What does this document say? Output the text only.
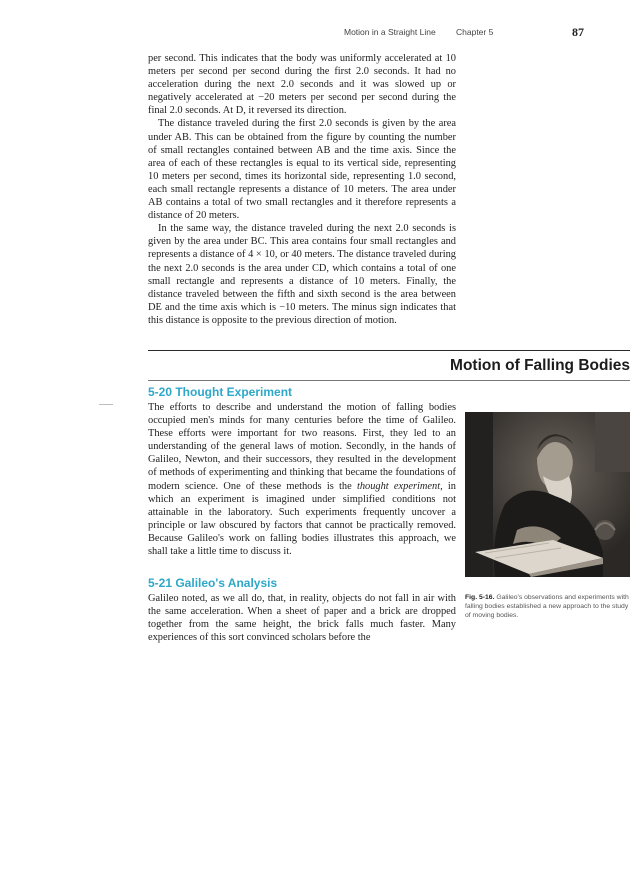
Motion in a Straight Line Chapter 5	87

per second. This indicates that the body was uniformly accelerated at 10 meters per second per second during the first 2.0 seconds. It had no acceleration during the next 2.0 seconds and it was slowed up or negatively accelerated at −20 meters per second per second during the final 2.0 seconds. At D, it reversed its direction.

The distance traveled during the first 2.0 seconds is given by the area under AB. This can be obtained from the figure by counting the number of small rectangles contained between AB and the time axis. Since the area of each of these rectangles is equal to its vertical side, representing 10 meters per second, times its horizontal side, representing 1.0 second, each small rectangle represents a distance of 10 meters. The area under AB contains a total of two small rectangles and it therefore represents a distance of 20 meters.

In the same way, the distance traveled during the next 2.0 seconds is given by the area under BC. This area contains four small rectangles and represents a distance of 4 × 10, or 40 meters. The distance traveled during the next 2.0 seconds is the area under CD, which contains a total of one small rectangle and represents a distance of 10 meters. Finally, the distance traveled between the fifth and sixth second is the area between DE and the time axis which is −10 meters. The minus sign indicates that this distance is opposite to the previous direction of motion.

Motion of Falling Bodies
5-20 Thought Experiment

The efforts to describe and understand the motion of falling bodies occupied men's minds for many centuries before the time of Galileo. These efforts were important for two reasons. First, they led to an understanding of the general laws of motion. Secondly, in the hands of Galileo, Newton, and their successors, they resulted in the development of methods of experimenting and thinking that became the foundations of modern science. One of these methods is the thought experiment, in which an experiment is imagined under simplified conditions not attainable in the laboratory. Such experiments frequently uncover a principle or law obscured by factors that cannot be practically removed. Because Galileo's work on falling bodies illustrates this approach, we shall take a little time to discuss it.

5-21 Galileo's Analysis

Galileo noted, as we all do, that, in reality, objects do not fall in air with the same acceleration. When a sheet of paper and a brick are dropped together from the same height, the brick falls much faster. Many experiences of this sort convinced scholars before the

Fig. 5-16. Galileo's observations and experiments with falling bodies established a new approach to the study of moving bodies.
